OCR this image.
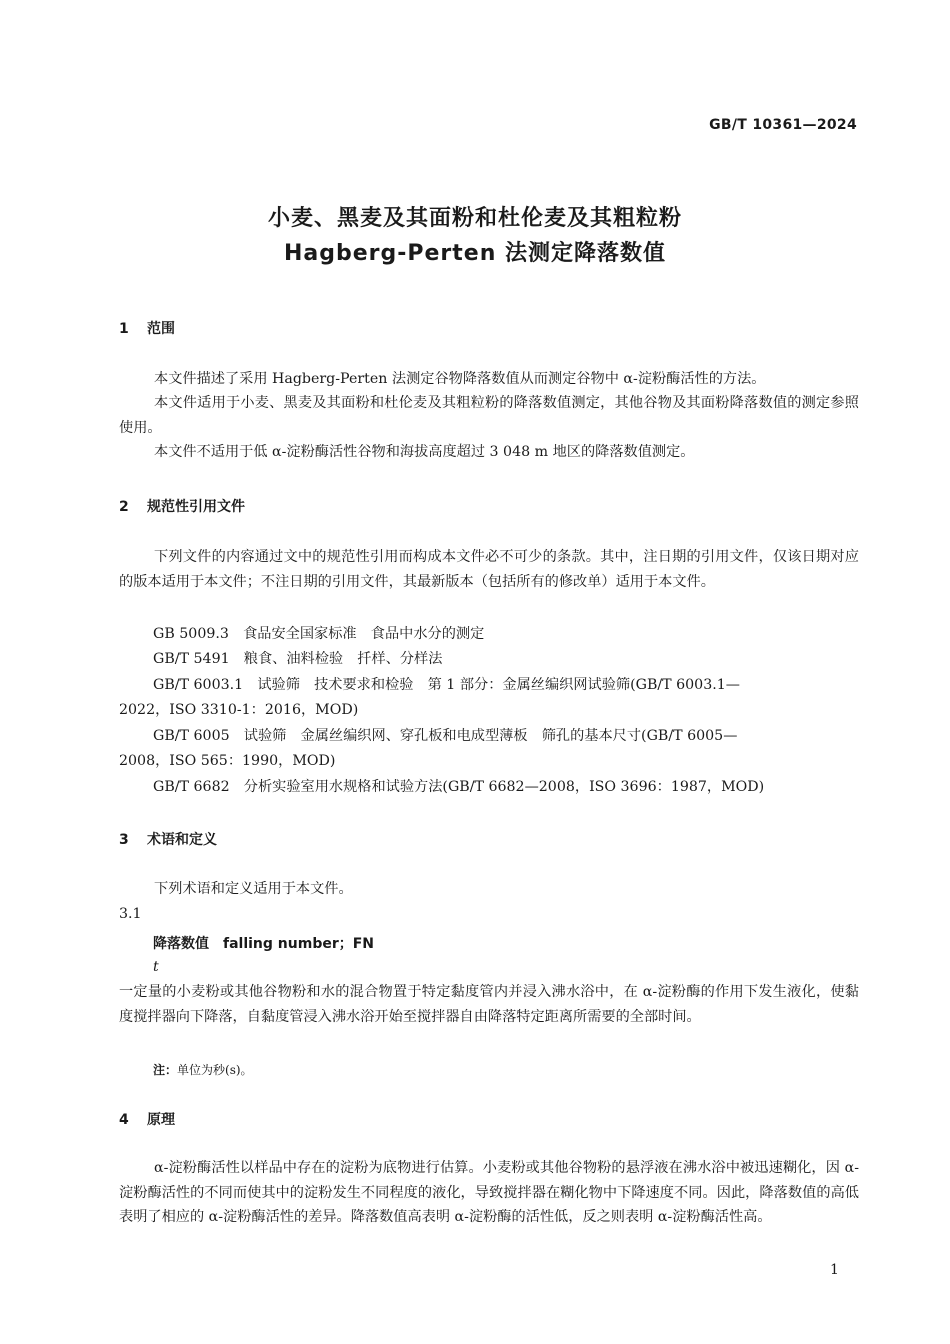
GB/T 10361—2024
小麦、黑麦及其面粉和杜伦麦及其粗粒粉
Hagberg-Perten 法测定降落数值
1 范围
本文件描述了采用 Hagberg-Perten 法测定谷物降落数值从而测定谷物中 α-淀粉酶活性的方法。
本文件适用于小麦、黑麦及其面粉和杜伦麦及其粗粒粉的降落数值测定，其他谷物及其面粉降落数值的测定参照使用。
本文件不适用于低 α-淀粉酶活性谷物和海拔高度超过 3 048 m 地区的降落数值测定。
2 规范性引用文件
下列文件的内容通过文中的规范性引用而构成本文件必不可少的条款。其中，注日期的引用文件，仅该日期对应的版本适用于本文件；不注日期的引用文件，其最新版本（包括所有的修改单）适用于本文件。
GB 5009.3　食品安全国家标准　食品中水分的测定
GB/T 5491　粮食、油料检验　扦样、分样法
GB/T 6003.1　试验筛　技术要求和检验　第 1 部分：金属丝编织网试验筛(GB/T 6003.1—
2022，ISO 3310-1：2016，MOD)
GB/T 6005　试验筛　金属丝编织网、穿孔板和电成型薄板　筛孔的基本尺寸(GB/T 6005—
2008，ISO 565：1990，MOD)
GB/T 6682　分析实验室用水规格和试验方法(GB/T 6682—2008，ISO 3696：1987，MOD)
3 术语和定义
下列术语和定义适用于本文件。
3.1
降落数值　falling number；FN
t
一定量的小麦粉或其他谷物粉和水的混合物置于特定黏度管内并浸入沸水浴中，在 α-淀粉酶的作用下发生液化，使黏度搅拌器向下降落，自黏度管浸入沸水浴开始至搅拌器自由降落特定距离所需要的全部时间。
注：单位为秒(s)。
4 原理
α-淀粉酶活性以样品中存在的淀粉为底物进行估算。小麦粉或其他谷物粉的悬浮液在沸水浴中被迅速糊化，因 α-淀粉酶活性的不同而使其中的淀粉发生不同程度的液化，导致搅拌器在糊化物中下降速度不同。因此，降落数值的高低表明了相应的 α-淀粉酶活性的差异。降落数值高表明 α-淀粉酶的活性低，反之则表明 α-淀粉酶活性高。
1
